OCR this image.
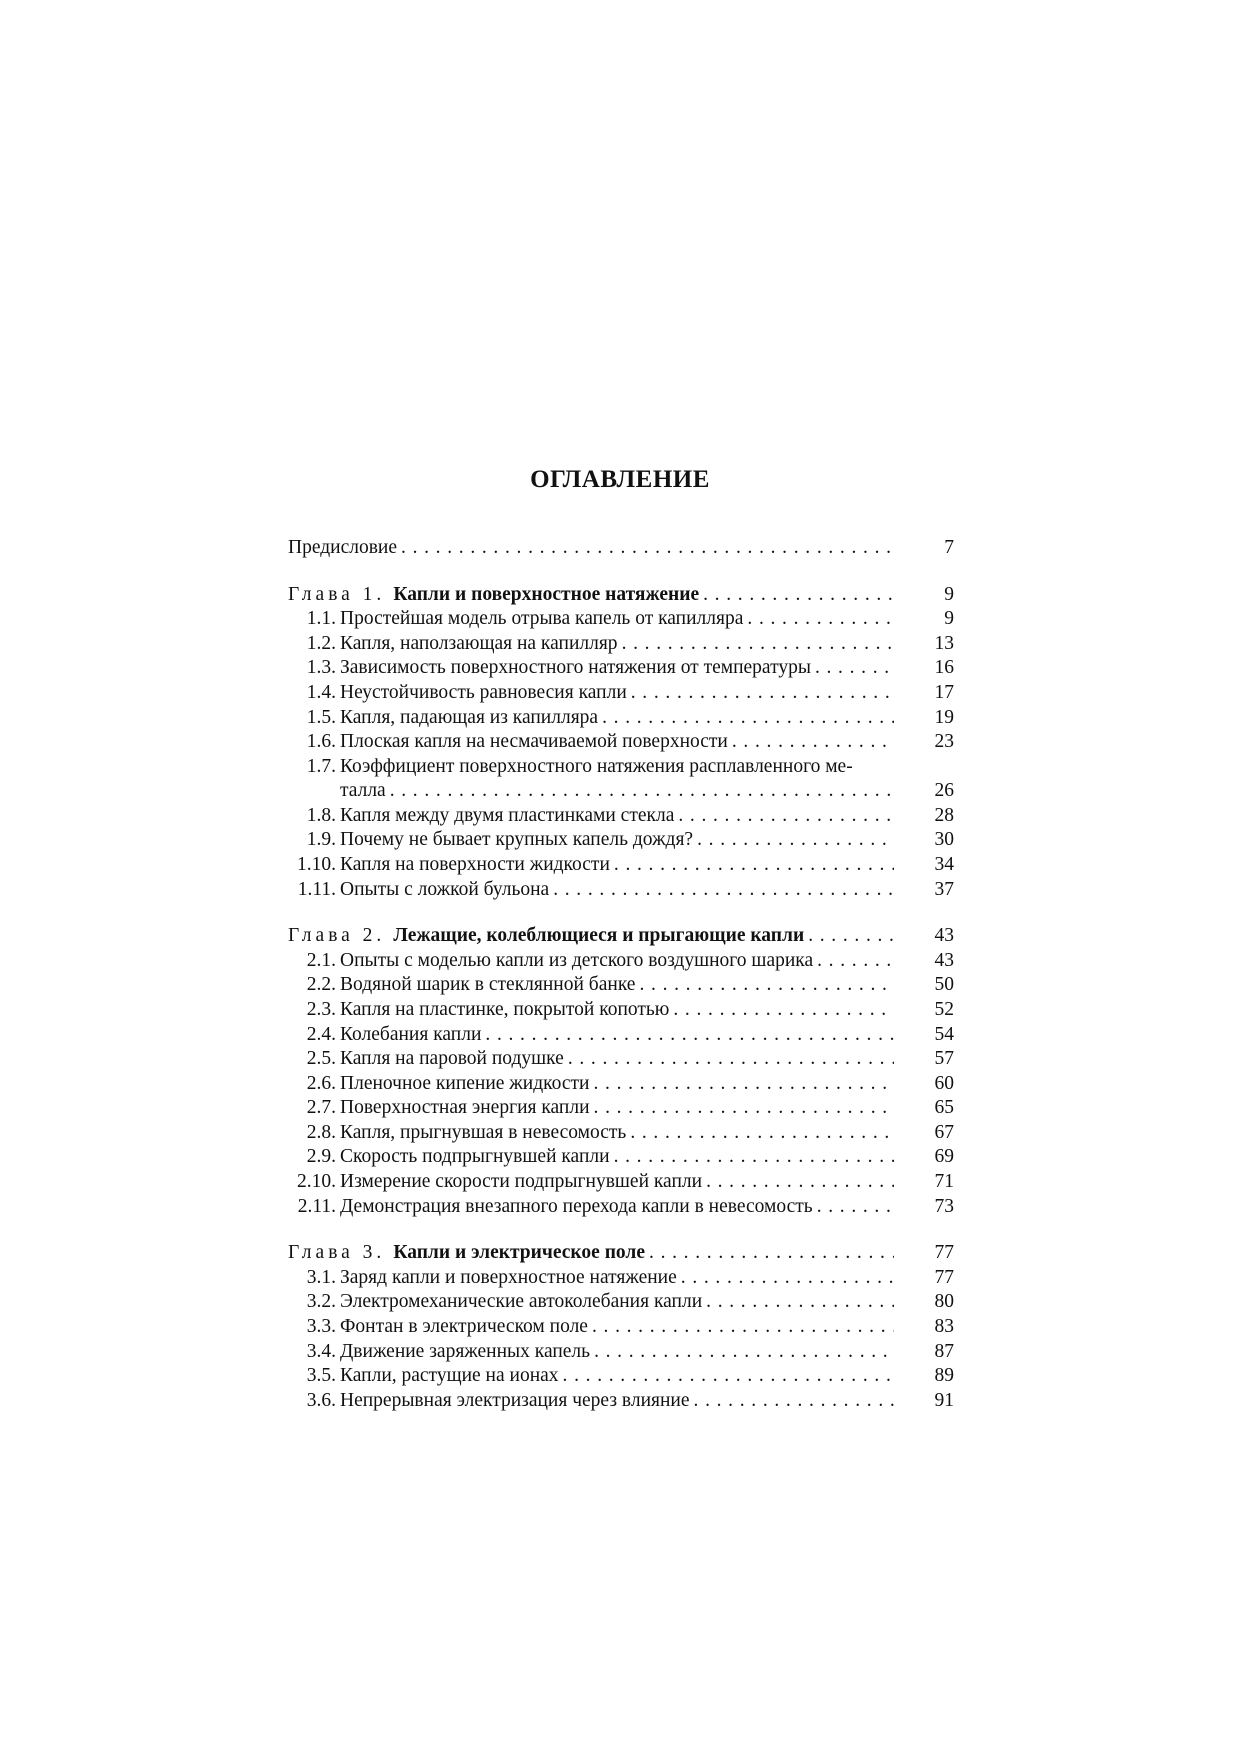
ОГЛАВЛЕНИЕ
Предисловие . . .	7
Глава 1. Капли и поверхностное натяжение . . .	9
1.1. Простейшая модель отрыва капель от капилляра . . .	9
1.2. Капля, наползающая на капилляр . . .	13
1.3. Зависимость поверхностного натяжения от температуры . . .	16
1.4. Неустойчивость равновесия капли . . .	17
1.5. Капля, падающая из капилляра . . .	19
1.6. Плоская капля на несмачиваемой поверхности . . .	23
1.7. Коэффициент поверхностного натяжения расплавленного ме-
талла . . .	26
1.8. Капля между двумя пластинками стекла . . .	28
1.9. Почему не бывает крупных капель дождя? . . .	30
1.10. Капля на поверхности жидкости . . .	34
1.11. Опыты с ложкой бульона . . .	37
Глава 2. Лежащие, колеблющиеся и прыгающие капли . . .	43
2.1. Опыты с моделью капли из детского воздушного шарика . . .	43
2.2. Водяной шарик в стеклянной банке . . .	50
2.3. Капля на пластинке, покрытой копотью . . .	52
2.4. Колебания капли . . .	54
2.5. Капля на паровой подушке . . .	57
2.6. Пленочное кипение жидкости . . .	60
2.7. Поверхностная энергия капли . . .	65
2.8. Капля, прыгнувшая в невесомость . . .	67
2.9. Скорость подпрыгнувшей капли . . .	69
2.10. Измерение скорости подпрыгнувшей капли . . .	71
2.11. Демонстрация внезапного перехода капли в невесомость . . .	73
Глава 3. Капли и электрическое поле . . .	77
3.1. Заряд капли и поверхностное натяжение . . .	77
3.2. Электромеханические автоколебания капли . . .	80
3.3. Фонтан в электрическом поле . . .	83
3.4. Движение заряженных капель . . .	87
3.5. Капли, растущие на ионах . . .	89
3.6. Непрерывная электризация через влияние . . .	91
